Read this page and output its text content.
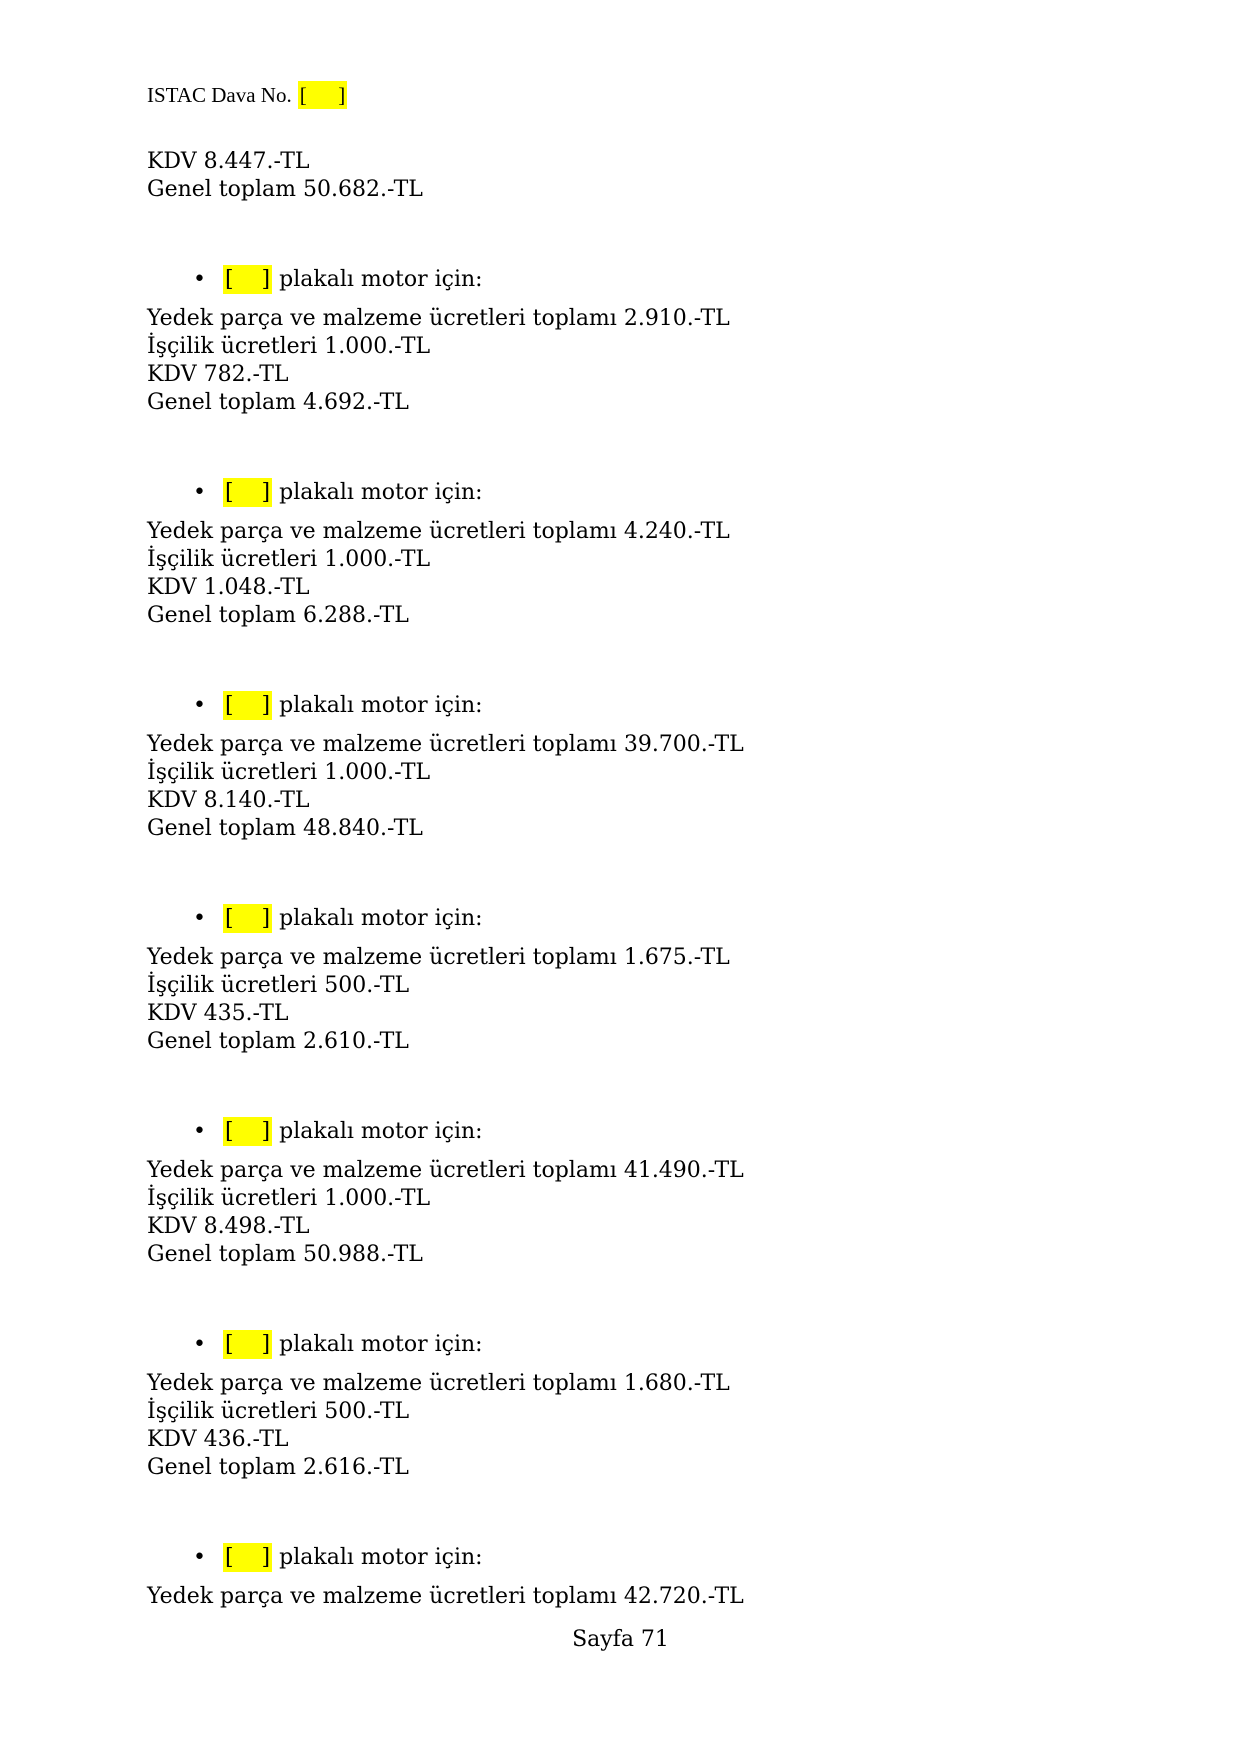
ISTAC Dava No. [      ]
KDV 8.447.-TL
Genel toplam 50.682.-TL
• [    ] plakalı motor için:
Yedek parça ve malzeme ücretleri toplamı 2.910.-TL
İşçilik ücretleri 1.000.-TL
KDV 782.-TL
Genel toplam 4.692.-TL
• [    ] plakalı motor için:
Yedek parça ve malzeme ücretleri toplamı 4.240.-TL
İşçilik ücretleri 1.000.-TL
KDV 1.048.-TL
Genel toplam 6.288.-TL
• [    ] plakalı motor için:
Yedek parça ve malzeme ücretleri toplamı 39.700.-TL
İşçilik ücretleri 1.000.-TL
KDV 8.140.-TL
Genel toplam 48.840.-TL
• [    ] plakalı motor için:
Yedek parça ve malzeme ücretleri toplamı 1.675.-TL
İşçilik ücretleri 500.-TL
KDV 435.-TL
Genel toplam 2.610.-TL
• [    ] plakalı motor için:
Yedek parça ve malzeme ücretleri toplamı 41.490.-TL
İşçilik ücretleri 1.000.-TL
KDV 8.498.-TL
Genel toplam 50.988.-TL
• [    ] plakalı motor için:
Yedek parça ve malzeme ücretleri toplamı 1.680.-TL
İşçilik ücretleri 500.-TL
KDV 436.-TL
Genel toplam 2.616.-TL
• [    ] plakalı motor için:
Yedek parça ve malzeme ücretleri toplamı 42.720.-TL
Sayfa 71
